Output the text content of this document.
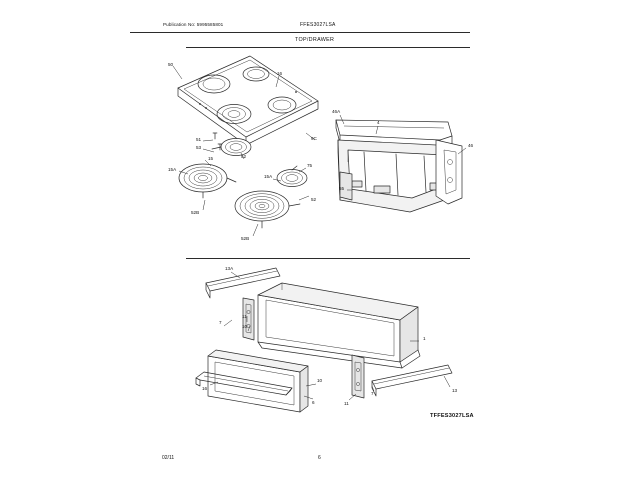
Publication No: 5995585801	FFES3027LSA
TOP/DRAWER
50
16
46A
4
46
51
53
9C
55
52
15
15A
15A
75
52B
52
52B
13A
7
11
10
1
16
10
6	11
7
13
TFFES3027LSA
02/11	6
